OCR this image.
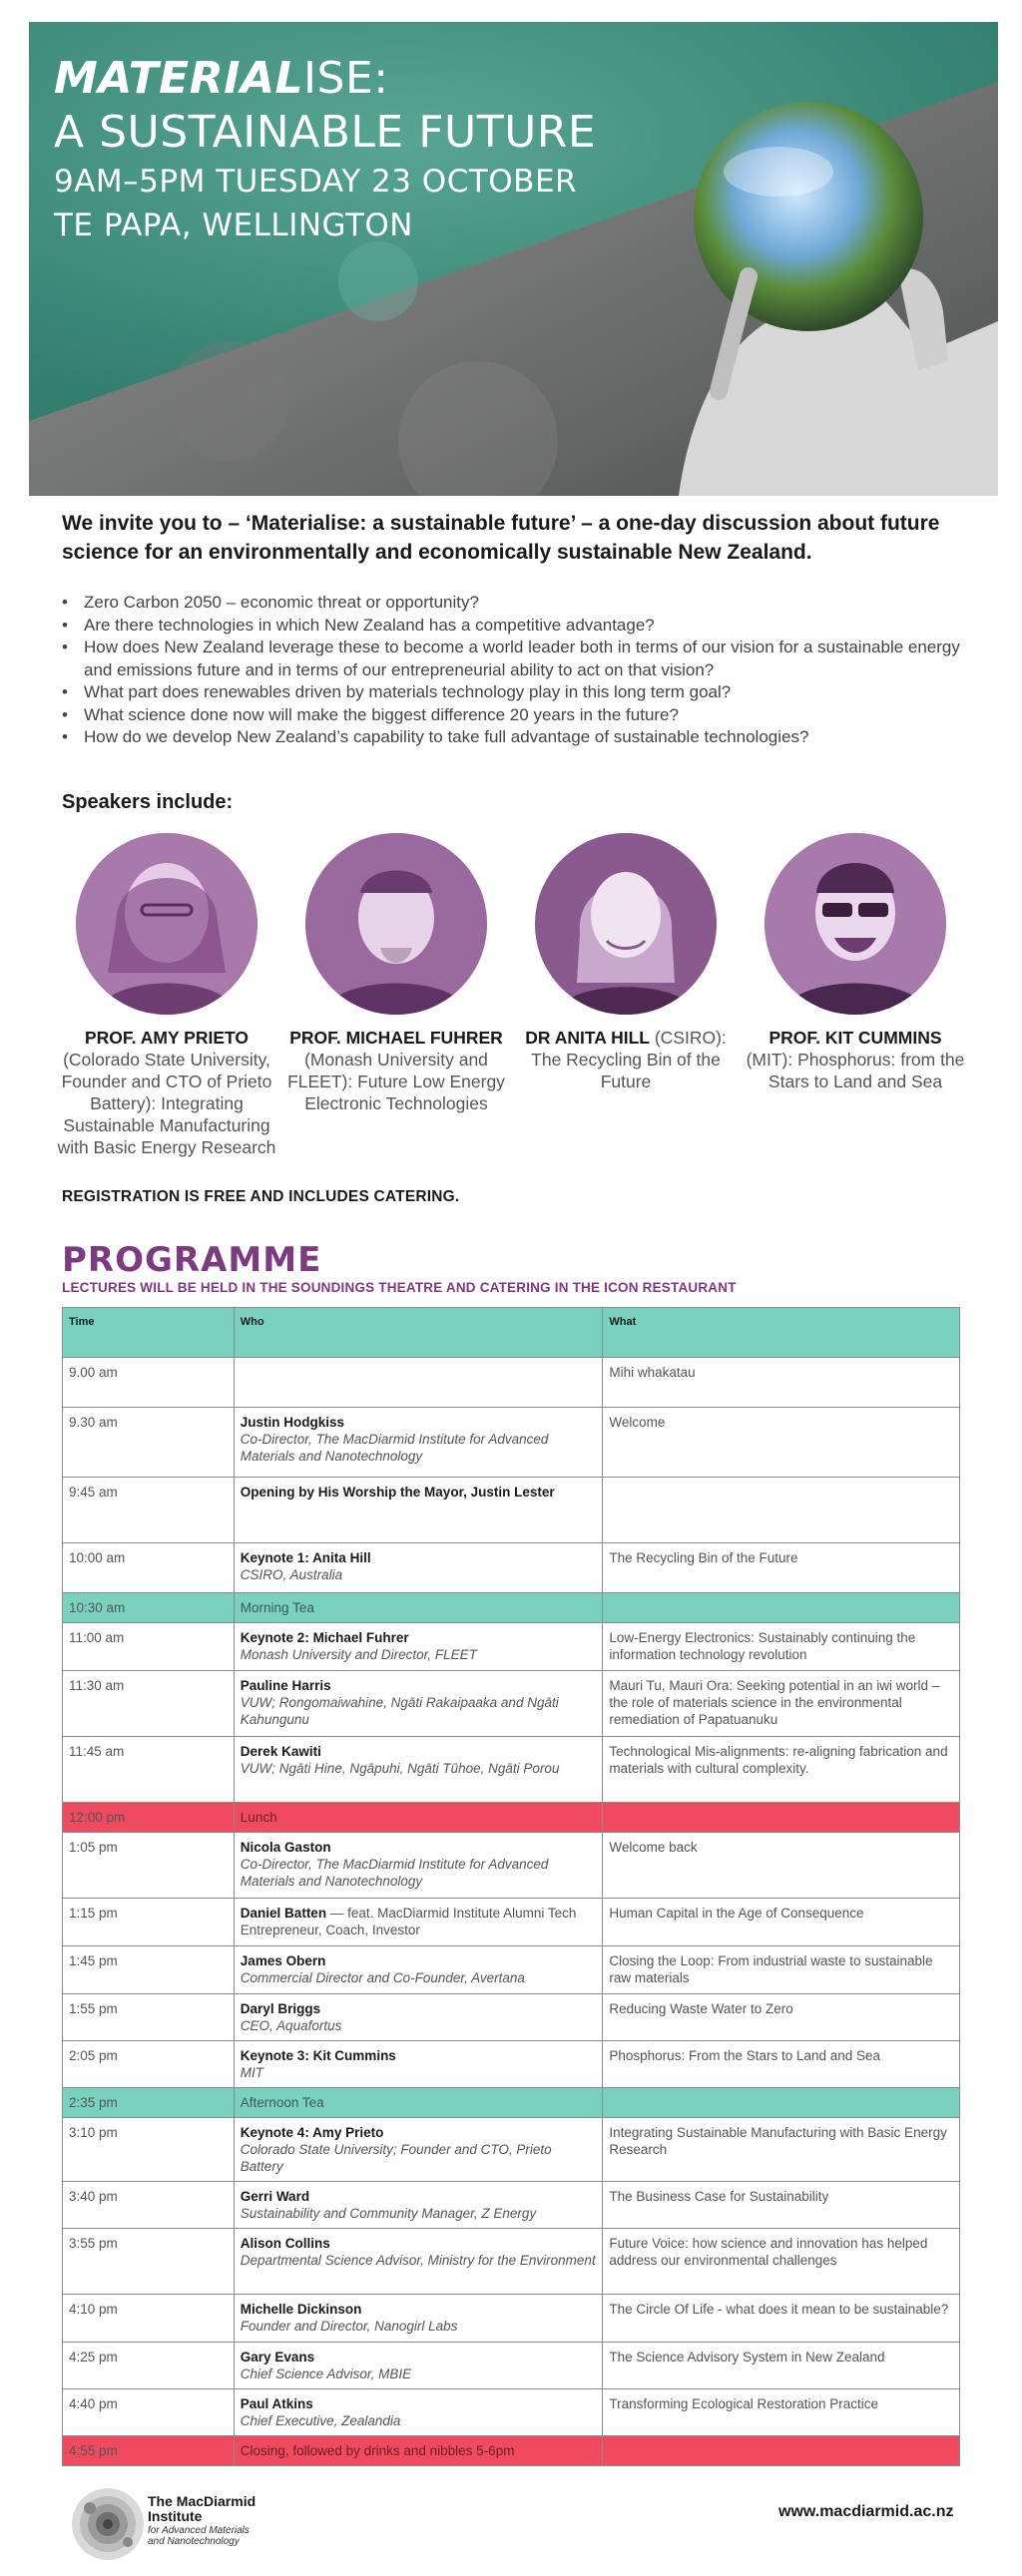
MATERIALISE:

A SUSTAINABLE FUTURE

9AM–5PM TUESDAY 23 OCTOBER

TE PAPA, WELLINGTON

We invite you to – ‘Materialise: a sustainable future’ – a one-day discussion about future science for an environmentally and economically sustainable New Zealand.

• Zero Carbon 2050 – economic threat or opportunity?
• Are there technologies in which New Zealand has a competitive advantage?
• How does New Zealand leverage these to become a world leader both in terms of our vision for a sustainable energy and emissions future and in terms of our entrepreneurial ability to act on that vision?
• What part does renewables driven by materials technology play in this long term goal?
• What science done now will make the biggest difference 20 years in the future?
• How do we develop New Zealand’s capability to take full advantage of sustainable technologies?

Speakers include:

PROF. AMY PRIETO
(Colorado State University, Founder and CTO of Prieto Battery): Integrating Sustainable Manufacturing with Basic Energy Research
PROF. MICHAEL FUHRER
(Monash University and FLEET): Future Low Energy Electronic Technologies
DR ANITA HILL (CSIRO): The Recycling Bin of the Future
PROF. KIT CUMMINS
(MIT): Phosphorus: from the Stars to Land and Sea

REGISTRATION IS FREE AND INCLUDES CATERING.

PROGRAMME

LECTURES WILL BE HELD IN THE SOUNDINGS THEATRE AND CATERING IN THE ICON RESTAURANT

Time	Who	What
9.00 am		Mihi whakatau
9.30 am	Justin Hodgkiss
Co-Director, The MacDiarmid Institute for Advanced Materials and Nanotechnology	Welcome
9:45 am	Opening by His Worship the Mayor, Justin Lester	
10:00 am	Keynote 1: Anita Hill
CSIRO, Australia	The Recycling Bin of the Future
10:30 am	Morning Tea	
11:00 am	Keynote 2: Michael Fuhrer
Monash University and Director, FLEET	Low-Energy Electronics: Sustainably continuing the information technology revolution
11:30 am	Pauline Harris
VUW; Rongomaiwahine, Ngāti Rakaipaaka and Ngāti Kahungunu	Mauri Tu, Mauri Ora: Seeking potential in an iwi world – the role of materials science in the environmental remediation of Papatuanuku
11:45 am	Derek Kawiti
VUW; Ngāti Hine, Ngāpuhi, Ngāti Tūhoe, Ngāti Porou	Technological Mis-alignments: re-aligning fabrication and materials with cultural complexity.
12:00 pm	Lunch	
1:05 pm	Nicola Gaston
Co-Director, The MacDiarmid Institute for Advanced Materials and Nanotechnology	Welcome back
1:15 pm	Daniel Batten — feat. MacDiarmid Institute Alumni Tech Entrepreneur, Coach, Investor	Human Capital in the Age of Consequence
1:45 pm	James Obern
Commercial Director and Co-Founder, Avertana	Closing the Loop: From industrial waste to sustainable raw materials
1:55 pm	Daryl Briggs
CEO, Aquafortus	Reducing Waste Water to Zero
2:05 pm	Keynote 3: Kit Cummins
MIT	Phosphorus: From the Stars to Land and Sea
2:35 pm	Afternoon Tea	
3:10 pm	Keynote 4: Amy Prieto
Colorado State University; Founder and CTO, Prieto Battery	Integrating Sustainable Manufacturing with Basic Energy Research
3:40 pm	Gerri Ward
Sustainability and Community Manager, Z Energy	The Business Case for Sustainability
3:55 pm	Alison Collins
Departmental Science Advisor, Ministry for the Environment	Future Voice: how science and innovation has helped address our environmental challenges
4:10 pm	Michelle Dickinson
Founder and Director, Nanogirl Labs	The Circle Of Life - what does it mean to be sustainable?
4:25 pm	Gary Evans
Chief Science Advisor, MBIE	The Science Advisory System in New Zealand
4:40 pm	Paul Atkins
Chief Executive, Zealandia	Transforming Ecological Restoration Practice
4:55 pm	Closing, followed by drinks and nibbles 5-6pm	
The MacDiarmid
Institute
for Advanced Materials and Nanotechnology
www.macdiarmid.ac.nz
